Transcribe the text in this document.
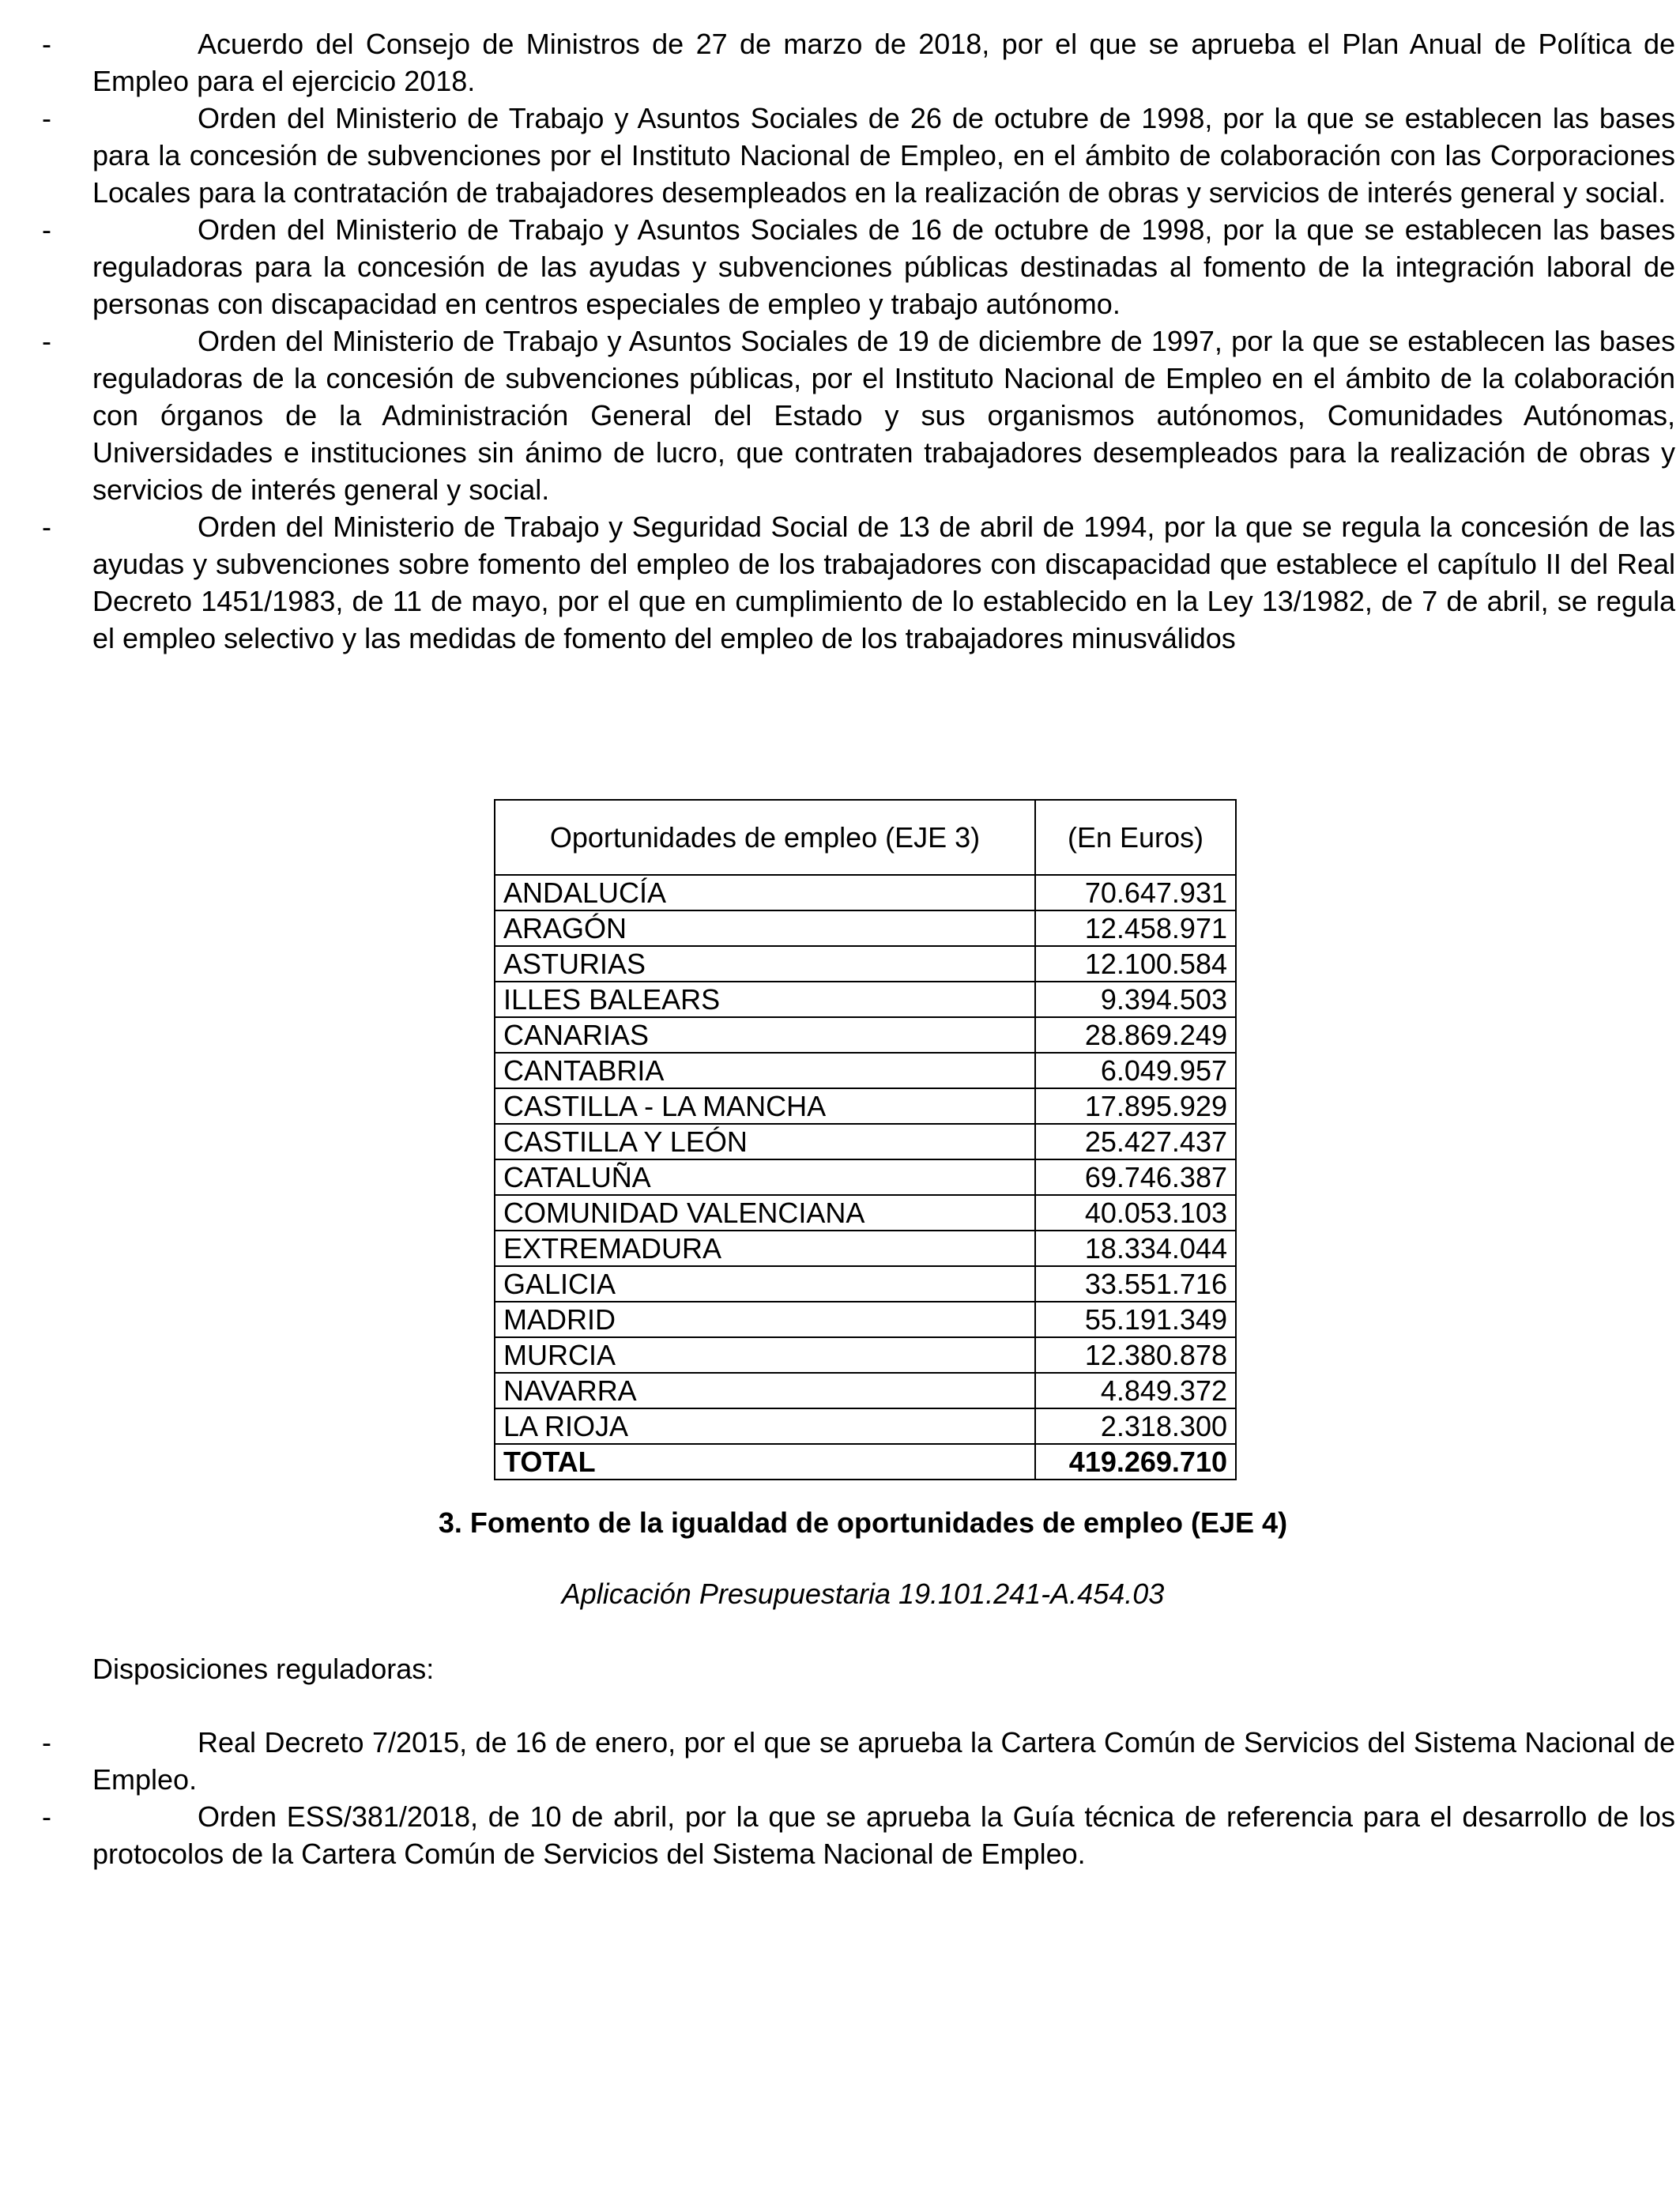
-	Acuerdo del Consejo de Ministros de 27 de marzo de 2018, por el que se aprueba el Plan Anual de Política de Empleo para el ejercicio 2018.
-	Orden del Ministerio de Trabajo y Asuntos Sociales de 26 de octubre de 1998, por la que se establecen las bases para la concesión de subvenciones por el Instituto Nacional de Empleo, en el ámbito de colaboración con las Corporaciones Locales para la contratación de trabajadores desempleados en la realización de obras y servicios de interés general y social.
-	Orden del Ministerio de Trabajo y Asuntos Sociales de 16 de octubre de 1998, por la que se establecen las bases reguladoras para la concesión de las ayudas y subvenciones públicas destinadas al fomento de la integración laboral de personas con discapacidad en centros especiales de empleo y trabajo autónomo.
-	Orden del Ministerio de Trabajo y Asuntos Sociales de 19 de diciembre de 1997, por la que se establecen las bases reguladoras de la concesión de subvenciones públicas, por el Instituto Nacional de Empleo en el ámbito de la colaboración con órganos de la Administración General del Estado y sus organismos autónomos, Comunidades Autónomas, Universidades e instituciones sin ánimo de lucro, que contraten trabajadores desempleados para la realización de obras y servicios de interés general y social.
-	Orden del Ministerio de Trabajo y Seguridad Social de 13 de abril de 1994, por la que se regula la concesión de las ayudas y subvenciones sobre fomento del empleo de los trabajadores con discapacidad que establece el capítulo II del Real Decreto 1451/1983, de 11 de mayo, por el que en cumplimiento de lo establecido en la Ley 13/1982, de 7 de abril, se regula el empleo selectivo y las medidas de fomento del empleo de los trabajadores minusválidos
Oportunidades de empleo (EJE 3)	(En Euros)
ANDALUCÍA	70.647.931
ARAGÓN	12.458.971
ASTURIAS	12.100.584
ILLES BALEARS	9.394.503
CANARIAS	28.869.249
CANTABRIA	6.049.957
CASTILLA - LA MANCHA	17.895.929
CASTILLA Y LEÓN	25.427.437
CATALUÑA	69.746.387
COMUNIDAD VALENCIANA	40.053.103
EXTREMADURA	18.334.044
GALICIA	33.551.716
MADRID	55.191.349
MURCIA	12.380.878
NAVARRA	4.849.372
LA RIOJA	2.318.300
TOTAL	419.269.710
3. Fomento de la igualdad de oportunidades de empleo (EJE 4)
Aplicación Presupuestaria 19.101.241-A.454.03
Disposiciones reguladoras:
-	Real Decreto 7/2015, de 16 de enero, por el que se aprueba la Cartera Común de Servicios del Sistema Nacional de Empleo.
-	Orden ESS/381/2018, de 10 de abril, por la que se aprueba la Guía técnica de referencia para el desarrollo de los protocolos de la Cartera Común de Servicios del Sistema Nacional de Empleo.
